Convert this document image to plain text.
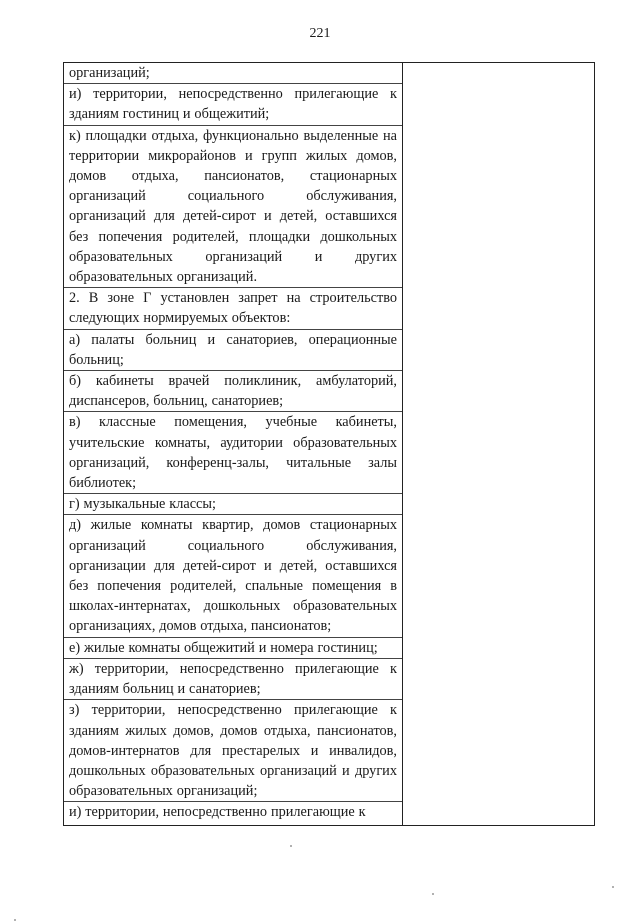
221
организаций;
и) территории, непосредственно прилегающие к зданиям гостиниц и общежитий;
к) площадки отдыха, функционально выделенные на территории микрорайонов и групп жилых домов, домов отдыха, пансионатов, стационарных организаций социального обслуживания, организаций для детей-сирот и детей, оставшихся без попечения родителей, площадки дошкольных образовательных организаций и других образовательных организаций.
2. В зоне Г установлен запрет на строительство следующих нормируемых объектов:
а) палаты больниц и санаториев, операционные больниц;
б) кабинеты врачей поликлиник, амбулаторий, диспансеров, больниц, санаториев;
в) классные помещения, учебные кабинеты, учительские комнаты, аудитории образовательных организаций, конференц-залы, читальные залы библиотек;
г) музыкальные классы;
д) жилые комнаты квартир, домов стационарных организаций социального обслуживания, организации для детей-сирот и детей, оставшихся без попечения родителей, спальные помещения в школах-интернатах, дошкольных образовательных организациях, домов отдыха, пансионатов;
е) жилые комнаты общежитий и номера гостиниц;
ж) территории, непосредственно прилегающие к зданиям больниц и санаториев;
з) территории, непосредственно прилегающие к зданиям жилых домов, домов отдыха, пансионатов, домов-интернатов для престарелых и инвалидов, дошкольных образовательных организаций и других образовательных организаций;
и) территории, непосредственно прилегающие к
